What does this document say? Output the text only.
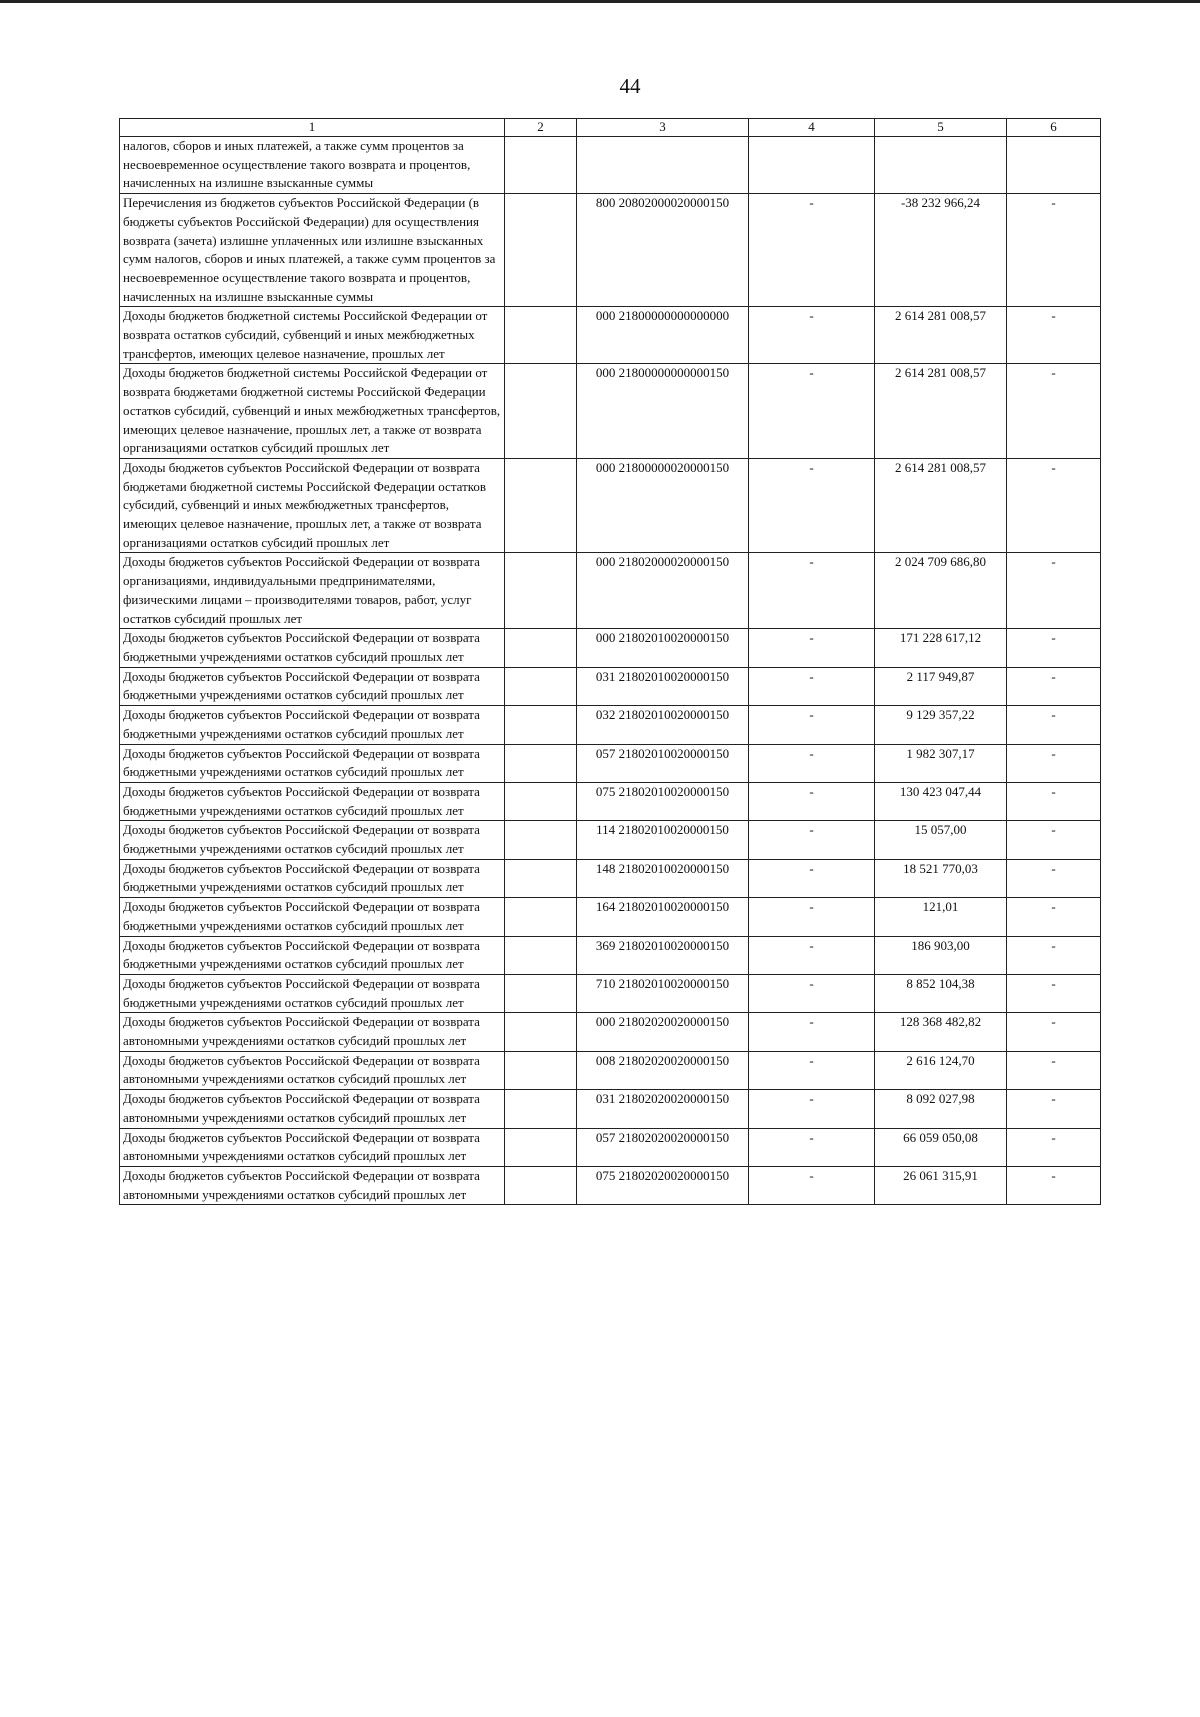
44
1	2	3	4	5	6
налогов, сборов и иных платежей, а также сумм процентов за несвоевременное осуществление такого возврата и процентов, начисленных на излишне взысканные суммы					
Перечисления из бюджетов субъектов Российской Федерации (в бюджеты субъектов Российской Федерации) для осуществления возврата (зачета) излишне уплаченных или излишне взысканных сумм налогов, сборов и иных платежей, а также сумм процентов за несвоевременное осуществление такого возврата и процентов, начисленных на излишне взысканные суммы		800 20802000020000150	-	-38 232 966,24	-
Доходы бюджетов бюджетной системы Российской Федерации от возврата остатков субсидий, субвенций и иных межбюджетных трансфертов, имеющих целевое назначение, прошлых лет		000 21800000000000000	-	2 614 281 008,57	-
Доходы бюджетов бюджетной системы Российской Федерации от возврата бюджетами бюджетной системы Российской Федерации остатков субсидий, субвенций и иных межбюджетных трансфертов, имеющих целевое назначение, прошлых лет, а также от возврата организациями остатков субсидий прошлых лет		000 21800000000000150	-	2 614 281 008,57	-
Доходы бюджетов субъектов Российской Федерации от возврата бюджетами бюджетной системы Российской Федерации остатков субсидий, субвенций и иных межбюджетных трансфертов, имеющих целевое назначение, прошлых лет, а также от возврата организациями остатков субсидий прошлых лет		000 21800000020000150	-	2 614 281 008,57	-
Доходы бюджетов субъектов Российской Федерации от возврата организациями, индивидуальными предпринимателями, физическими лицами – производителями товаров, работ, услуг остатков субсидий прошлых лет		000 21802000020000150	-	2 024 709 686,80	-
Доходы бюджетов субъектов Российской Федерации от возврата бюджетными учреждениями остатков субсидий прошлых лет		000 21802010020000150	-	171 228 617,12	-
Доходы бюджетов субъектов Российской Федерации от возврата бюджетными учреждениями остатков субсидий прошлых лет		031 21802010020000150	-	2 117 949,87	-
Доходы бюджетов субъектов Российской Федерации от возврата бюджетными учреждениями остатков субсидий прошлых лет		032 21802010020000150	-	9 129 357,22	-
Доходы бюджетов субъектов Российской Федерации от возврата бюджетными учреждениями остатков субсидий прошлых лет		057 21802010020000150	-	1 982 307,17	-
Доходы бюджетов субъектов Российской Федерации от возврата бюджетными учреждениями остатков субсидий прошлых лет		075 21802010020000150	-	130 423 047,44	-
Доходы бюджетов субъектов Российской Федерации от возврата бюджетными учреждениями остатков субсидий прошлых лет		114 21802010020000150	-	15 057,00	-
Доходы бюджетов субъектов Российской Федерации от возврата бюджетными учреждениями остатков субсидий прошлых лет		148 21802010020000150	-	18 521 770,03	-
Доходы бюджетов субъектов Российской Федерации от возврата бюджетными учреждениями остатков субсидий прошлых лет		164 21802010020000150	-	121,01	-
Доходы бюджетов субъектов Российской Федерации от возврата бюджетными учреждениями остатков субсидий прошлых лет		369 21802010020000150	-	186 903,00	-
Доходы бюджетов субъектов Российской Федерации от возврата бюджетными учреждениями остатков субсидий прошлых лет		710 21802010020000150	-	8 852 104,38	-
Доходы бюджетов субъектов Российской Федерации от возврата автономными учреждениями остатков субсидий прошлых лет		000 21802020020000150	-	128 368 482,82	-
Доходы бюджетов субъектов Российской Федерации от возврата автономными учреждениями остатков субсидий прошлых лет		008 21802020020000150	-	2 616 124,70	-
Доходы бюджетов субъектов Российской Федерации от возврата автономными учреждениями остатков субсидий прошлых лет		031 21802020020000150	-	8 092 027,98	-
Доходы бюджетов субъектов Российской Федерации от возврата автономными учреждениями остатков субсидий прошлых лет		057 21802020020000150	-	66 059 050,08	-
Доходы бюджетов субъектов Российской Федерации от возврата автономными учреждениями остатков субсидий прошлых лет		075 21802020020000150	-	26 061 315,91	-
